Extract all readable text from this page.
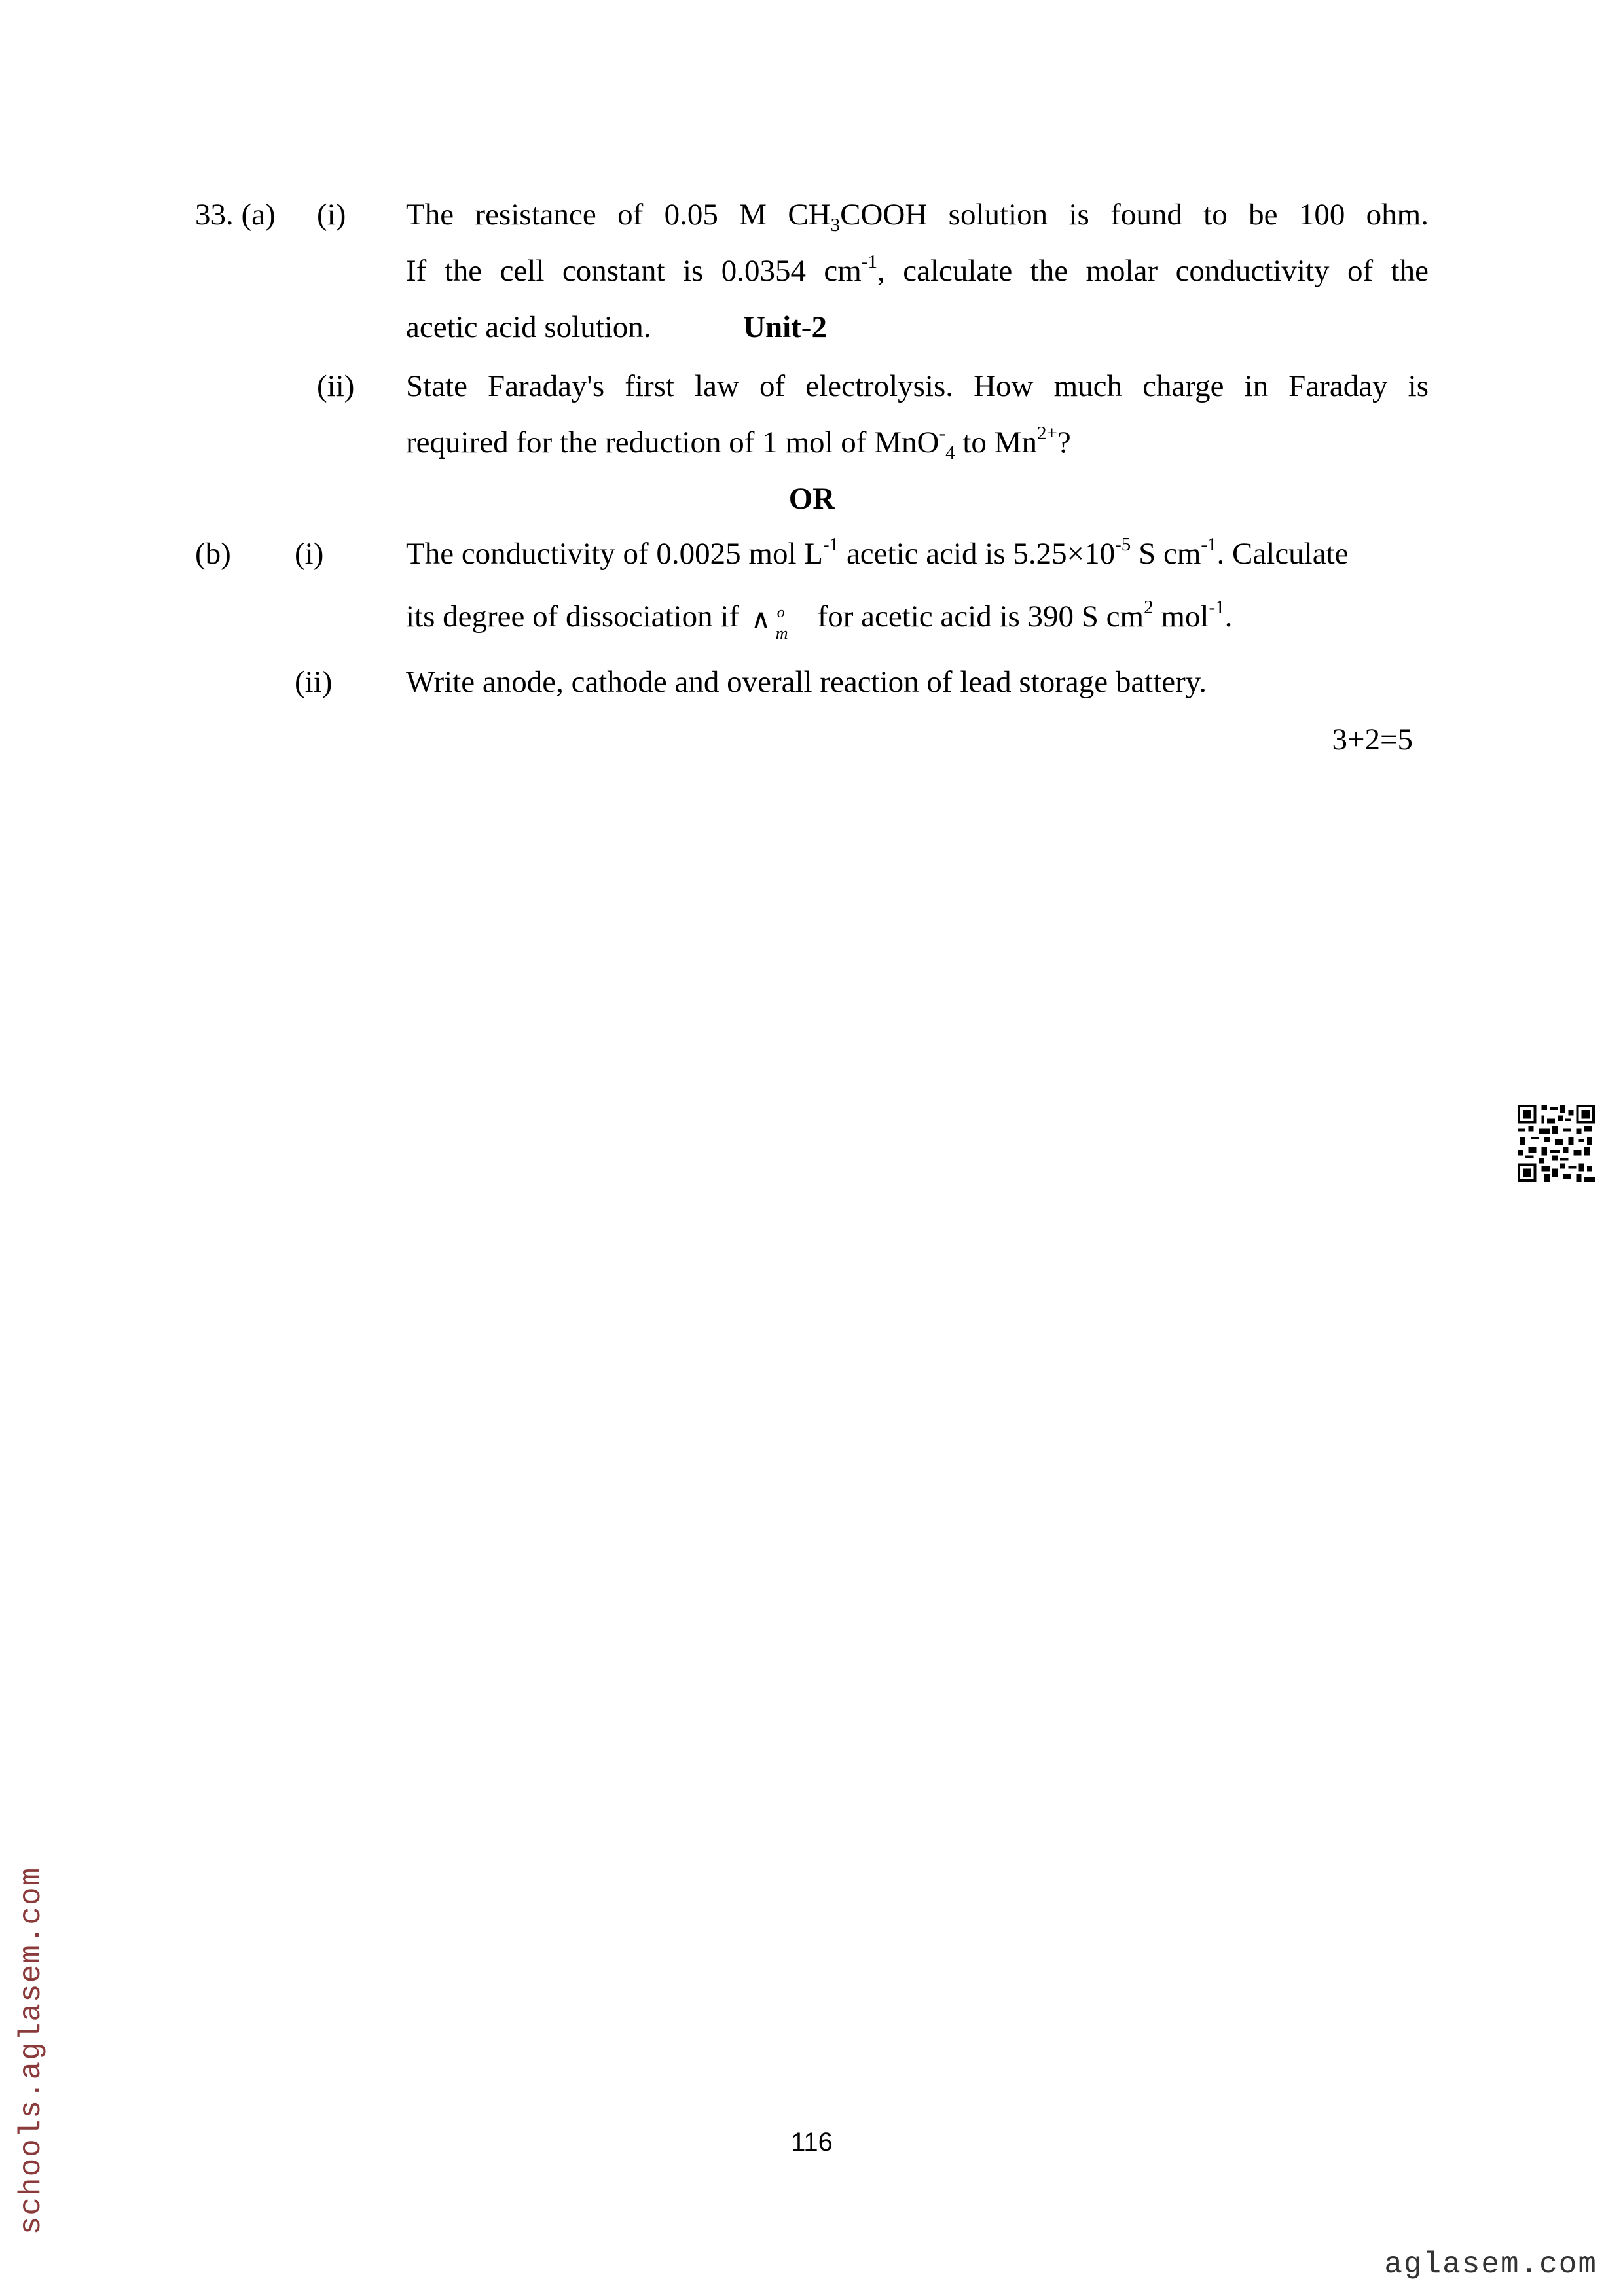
33. (a) (i) The resistance of 0.05 M $CH_3COOH$ solution is found to be 100 ohm.
If the cell constant is 0.0354 $cm^{-1}$, calculate the molar conductivity of the
acetic acid solution.	Unit-2
(ii) State Faraday's first law of electrolysis. How much charge in Faraday is
required for the reduction of 1 mol of MnO-$_4$ to $Mn^{2+}$?
OR
(b) (i)	The conductivity of 0.0025 mol $L^{-1}$ acetic acid is $5.25\times 10^{-5}$ S $cm^{-1}$. Calculate
its degree of dissociation if ∧ o
m for acetic acid is 390 S $cm^2$ mol$^{-1}$.
(ii) Write anode, cathode and overall reaction of lead storage battery.
3+2=5
116
schools.aglasem.com
aglasem.com
